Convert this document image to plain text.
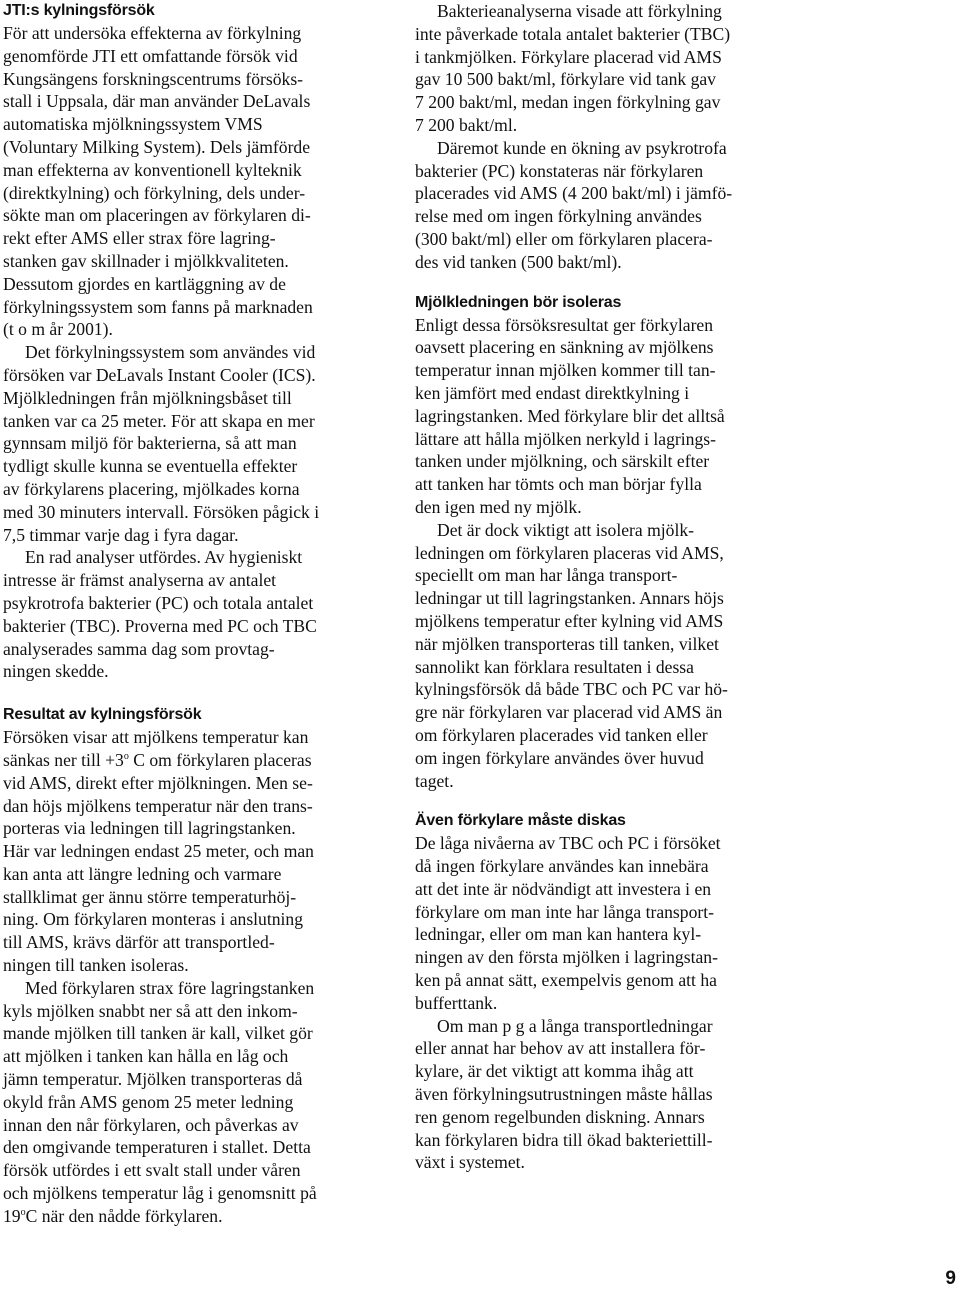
JTI:s kylningsförsök

För att undersöka effekterna av förkylning
genomförde JTI ett omfattande försök vid
Kungsängens forskningscentrums försöks-
stall i Uppsala, där man använder DeLavals
automatiska mjölkningssystem VMS
(Voluntary Milking System). Dels jämförde
man effekterna av konventionell kylteknik
(direktkylning) och förkylning, dels under-
sökte man om placeringen av förkylaren di-
rekt efter AMS eller strax före lagring-
stanken gav skillnader i mjölkkvaliteten.
Dessutom gjordes en kartläggning av de
förkylningssystem som fanns på marknaden
(t o m år 2001).

Det förkylningssystem som användes vid
försöken var DeLavals Instant Cooler (ICS).
Mjölkledningen från mjölkningsbåset till
tanken var ca 25 meter. För att skapa en mer
gynnsam miljö för bakterierna, så att man
tydligt skulle kunna se eventuella effekter
av förkylarens placering, mjölkades korna
med 30 minuters intervall. Försöken pågick i
7,5 timmar varje dag i fyra dagar.

En rad analyser utfördes. Av hygieniskt
intresse är främst analyserna av antalet
psykrotrofa bakterier (PC) och totala antalet
bakterier (TBC). Proverna med PC och TBC
analyserades samma dag som provtag-
ningen skedde.

Resultat av kylningsförsök

Försöken visar att mjölkens temperatur kan
sänkas ner till $+3^o$ C om förkylaren placeras
vid AMS, direkt efter mjölkningen. Men se-
dan höjs mjölkens temperatur när den trans-
porteras via ledningen till lagringstanken.
Här var ledningen endast 25 meter, och man
kan anta att längre ledning och varmare
stallklimat ger ännu större temperaturhöj-
ning. Om förkylaren monteras i anslutning
till AMS, krävs därför att transportled-
ningen till tanken isoleras.

Med förkylaren strax före lagringstanken
kyls mjölken snabbt ner så att den inkom-
mande mjölken till tanken är kall, vilket gör
att mjölken i tanken kan hålla en låg och
jämn temperatur. Mjölken transporteras då
okyld från AMS genom 25 meter ledning
innan den når förkylaren, och påverkas av
den omgivande temperaturen i stallet. Detta
försök utfördes i ett svalt stall under våren
och mjölkens temperatur låg i genomsnitt på
19$^o$C när den nådde förkylaren.

Bakterieanalyserna visade att förkylning
inte påverkade totala antalet bakterier (TBC)
i tankmjölken. Förkylare placerad vid AMS
gav 10 500 bakt/ml, förkylare vid tank gav
7 200 bakt/ml, medan ingen förkylning gav
7 200 bakt/ml.

Däremot kunde en ökning av psykrotrofa
bakterier (PC) konstateras när förkylaren
placerades vid AMS (4 200 bakt/ml) i jämfö-
relse med om ingen förkylning användes
(300 bakt/ml) eller om förkylaren placera-
des vid tanken (500 bakt/ml).

Mjölkledningen bör isoleras

Enligt dessa försöksresultat ger förkylaren
oavsett placering en sänkning av mjölkens
temperatur innan mjölken kommer till tan-
ken jämfört med endast direktkylning i
lagringstanken. Med förkylare blir det alltså
lättare att hålla mjölken nerkyld i lagrings-
tanken under mjölkning, och särskilt efter
att tanken har tömts och man börjar fylla
den igen med ny mjölk.

Det är dock viktigt att isolera mjölk-
ledningen om förkylaren placeras vid AMS,
speciellt om man har långa transport-
ledningar ut till lagringstanken. Annars höjs
mjölkens temperatur efter kylning vid AMS
när mjölken transporteras till tanken, vilket
sannolikt kan förklara resultaten i dessa
kylningsförsök då både TBC och PC var hö-
gre när förkylaren var placerad vid AMS än
om förkylaren placerades vid tanken eller
om ingen förkylare användes över huvud
taget.

Även förkylare måste diskas

De låga nivåerna av TBC och PC i försöket
då ingen förkylare användes kan innebära
att det inte är nödvändigt att investera i en
förkylare om man inte har långa transport-
ledningar, eller om man kan hantera kyl-
ningen av den första mjölken i lagringstan-
ken på annat sätt, exempelvis genom att ha
bufferttank.

Om man p g a långa transportledningar
eller annat har behov av att installera för-
kylare, är det viktigt att komma ihåg att
även förkylningsutrustningen måste hållas
ren genom regelbunden diskning. Annars
kan förkylaren bidra till ökad bakteriettill-
växt i systemet.

9
